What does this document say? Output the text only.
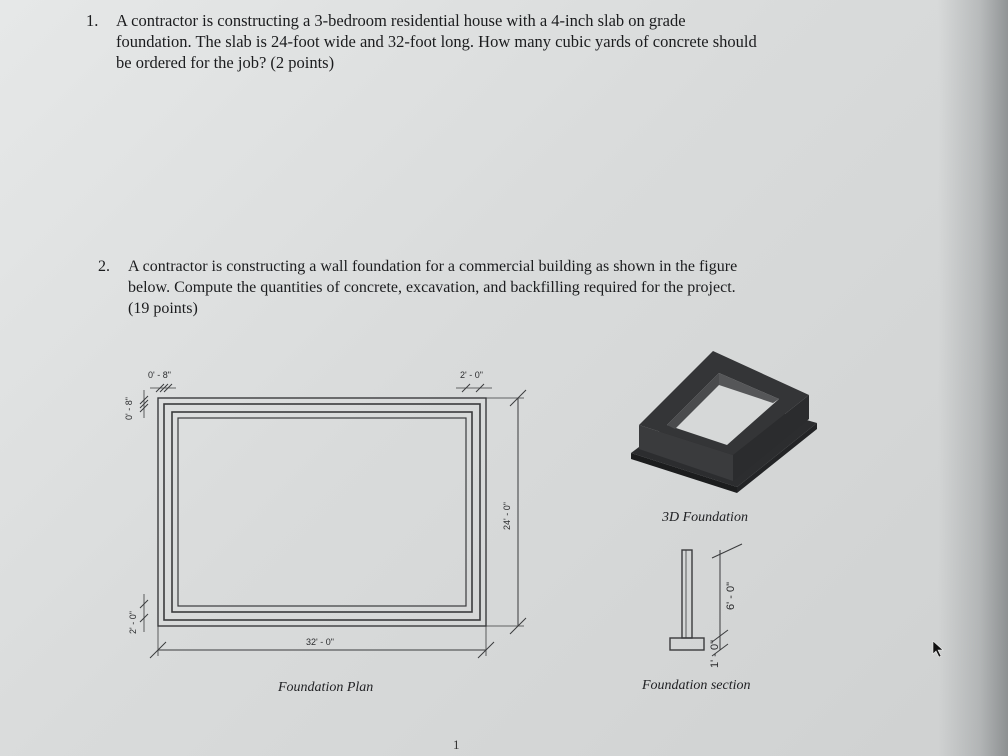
1. A contractor is constructing a 3-bedroom residential house with a 4-inch slab on grade
foundation. The slab is 24-foot wide and 32-foot long. How many cubic yards of concrete should
be ordered for the job? (2 points)
2. A contractor is constructing a wall foundation for a commercial building as shown in the figure
below. Compute the quantities of concrete, excavation, and backfilling required for the project.
(19 points)
0' - 8"
0' - 8"
2' - 0"
24' - 0"
32' - 0"
2' - 0"
6' - 0"
1' - 0"
Foundation Plan
3D Foundation
Foundation section
1
